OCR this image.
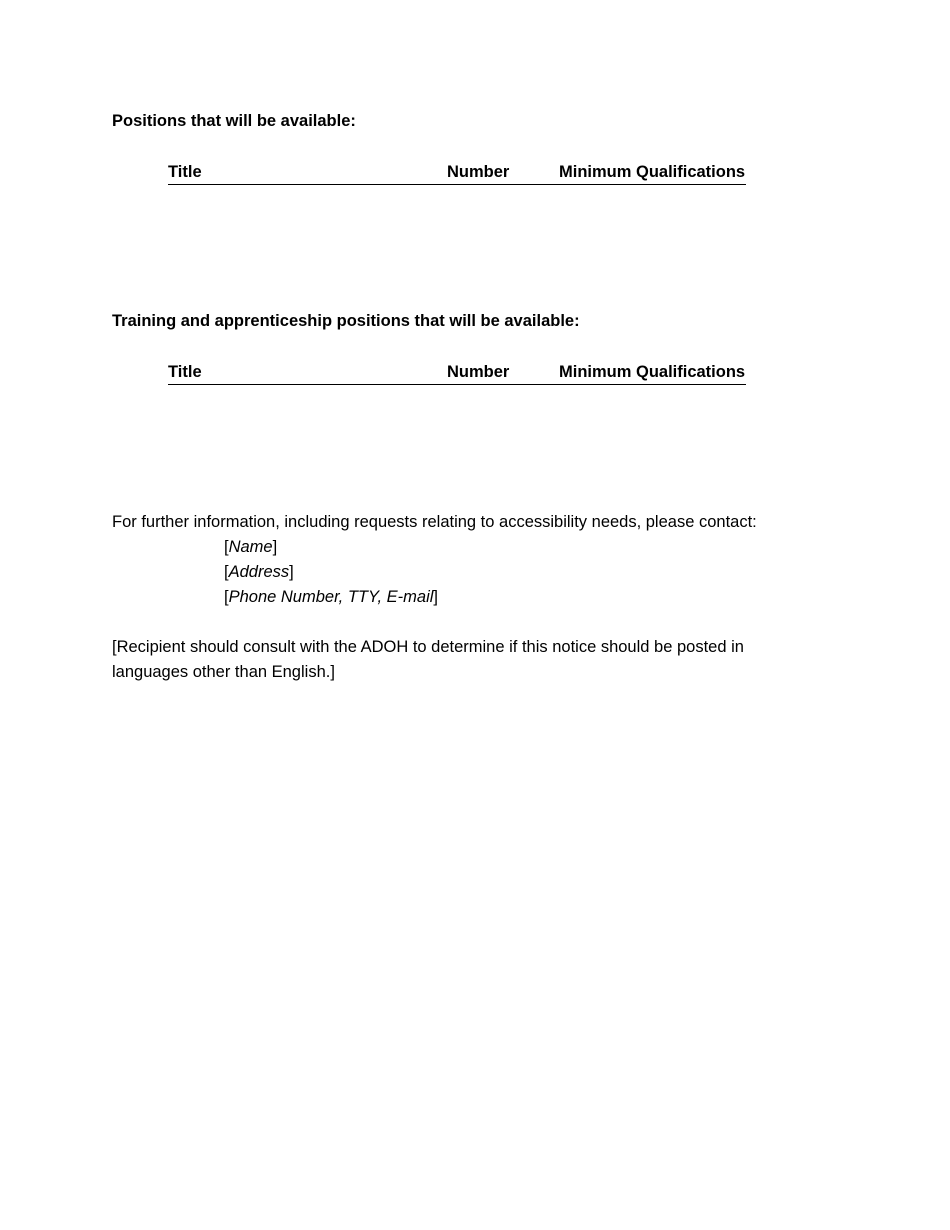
Positions that will be available:
Title	Number	Minimum Qualifications
Training and apprenticeship positions that will be available:
Title	Number	Minimum Qualifications
For further information, including requests relating to accessibility needs, please contact:
[Name]
[Address]
[Phone Number, TTY, E-mail]
[Recipient should consult with the ADOH to determine if this notice should be posted in languages other than English.]
